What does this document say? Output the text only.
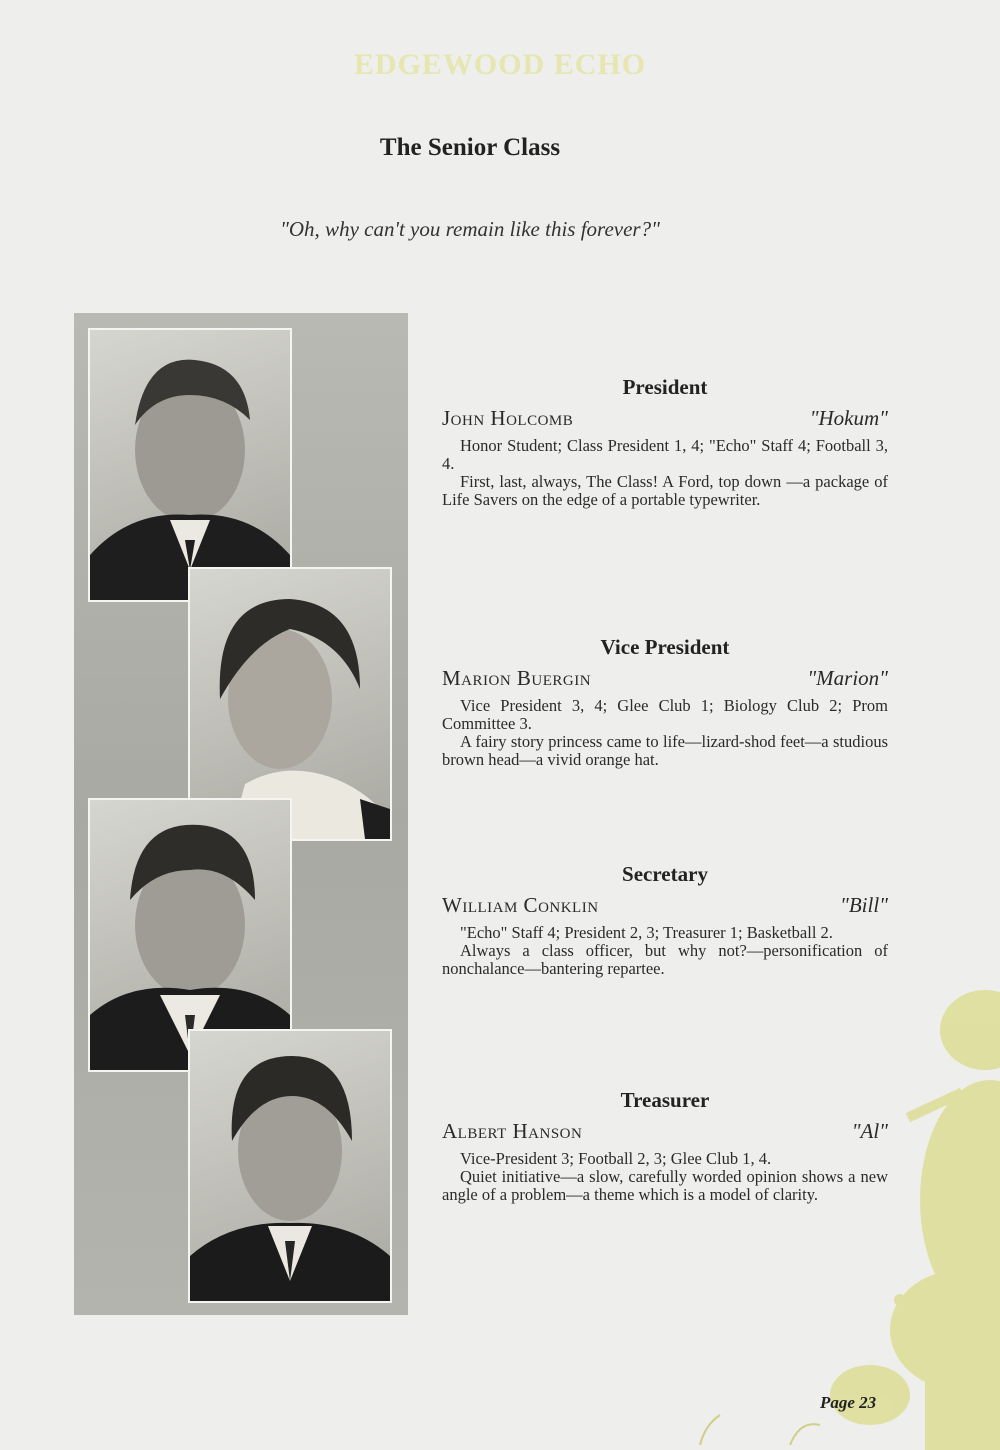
EDGEWOOD ECHO
The Senior Class
"Oh, why can't you remain like this forever?"
President
John Holcomb	"Hokum"

Honor Student; Class President 1, 4; "Echo" Staff 4; Football 3, 4.

First, last, always, The Class! A Ford, top down —a package of Life Savers on the edge of a portable typewriter.

Vice President
Marion Buergin	"Marion"

Vice President 3, 4; Glee Club 1; Biology Club 2; Prom Committee 3.

A fairy story princess came to life—lizard-shod feet—a studious brown head—a vivid orange hat.

Secretary
William Conklin	"Bill"

"Echo" Staff 4; President 2, 3; Treasurer 1; Basketball 2.

Always a class officer, but why not?—personification of nonchalance—bantering repartee.

Treasurer
Albert Hanson	"Al"

Vice-President 3; Football 2, 3; Glee Club 1, 4.

Quiet initiative—a slow, carefully worded opinion shows a new angle of a problem—a theme which is a model of clarity.

Page 23
